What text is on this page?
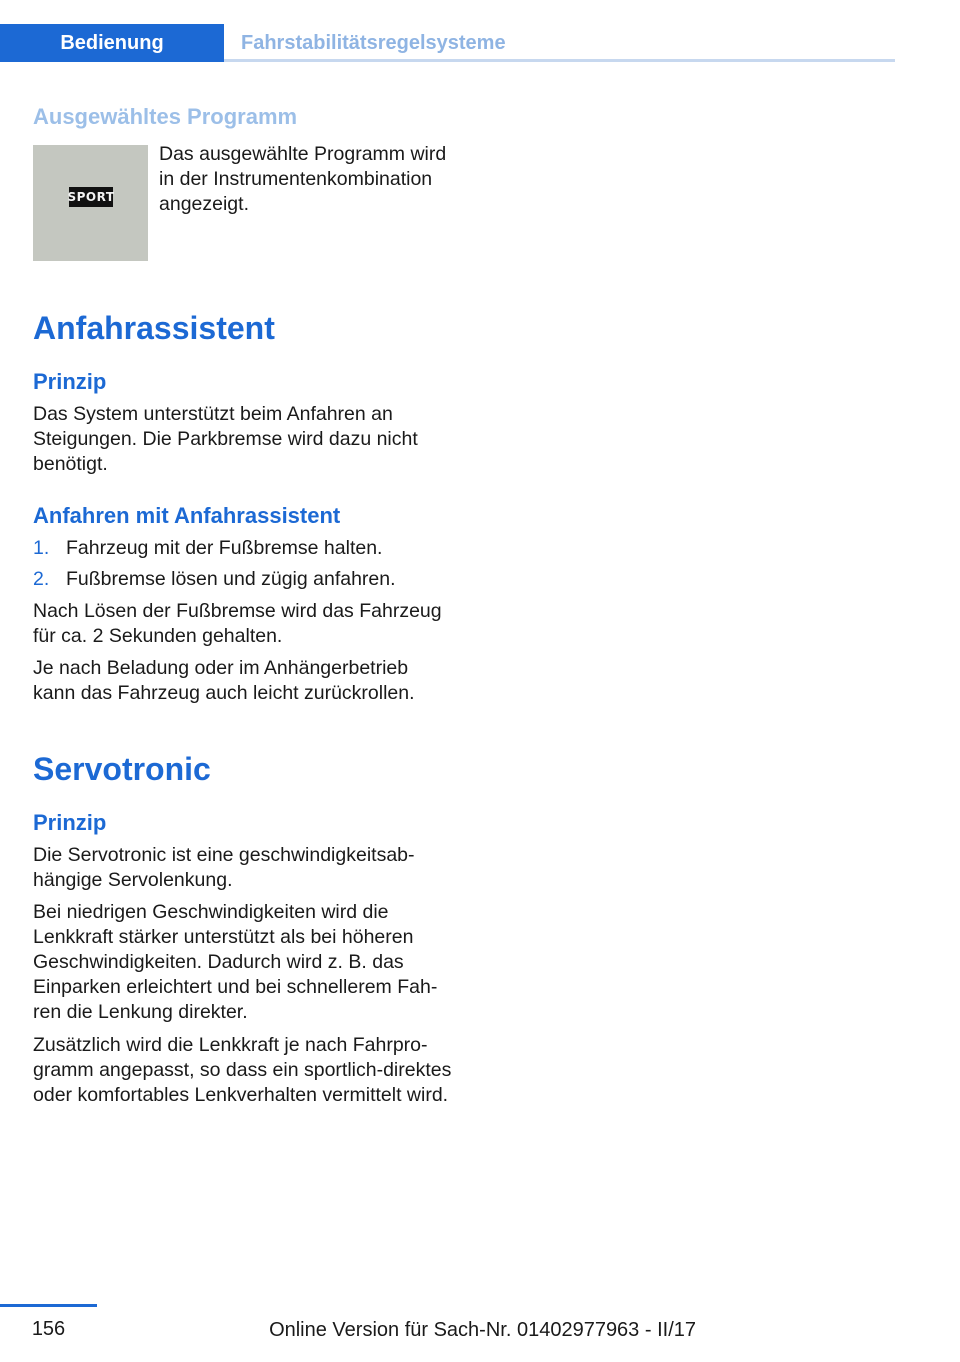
Bedienung	Fahrstabilitätsregelsysteme
Ausgewähltes Programm
SPORT

Das ausgewählte Programm wird in der Instrumentenkombination angezeigt.

Anfahrassistent
Prinzip

Das System unterstützt beim Anfahren an Steigungen. Die Parkbremse wird dazu nicht benötigt.

Anfahren mit Anfahrassistent
1. Fahrzeug mit der Fußbremse halten.
2. Fußbremse lösen und zügig anfahren.

Nach Lösen der Fußbremse wird das Fahrzeug für ca. 2 Sekunden gehalten.

Je nach Beladung oder im Anhängerbetrieb kann das Fahrzeug auch leicht zurückrollen.

Servotronic
Prinzip

Die Servotronic ist eine geschwindigkeitsabhängige Servolenkung.

Bei niedrigen Geschwindigkeiten wird die Lenkkraft stärker unterstützt als bei höheren Geschwindigkeiten. Dadurch wird z. B. das Einparken erleichtert und bei schnellerem Fahren die Lenkung direkter.

Zusätzlich wird die Lenkkraft je nach Fahrprogramm angepasst, so dass ein sportlich-direktes oder komfortables Lenkverhalten vermittelt wird.

156	Online Version für Sach-Nr. 01402977963 - II/17
